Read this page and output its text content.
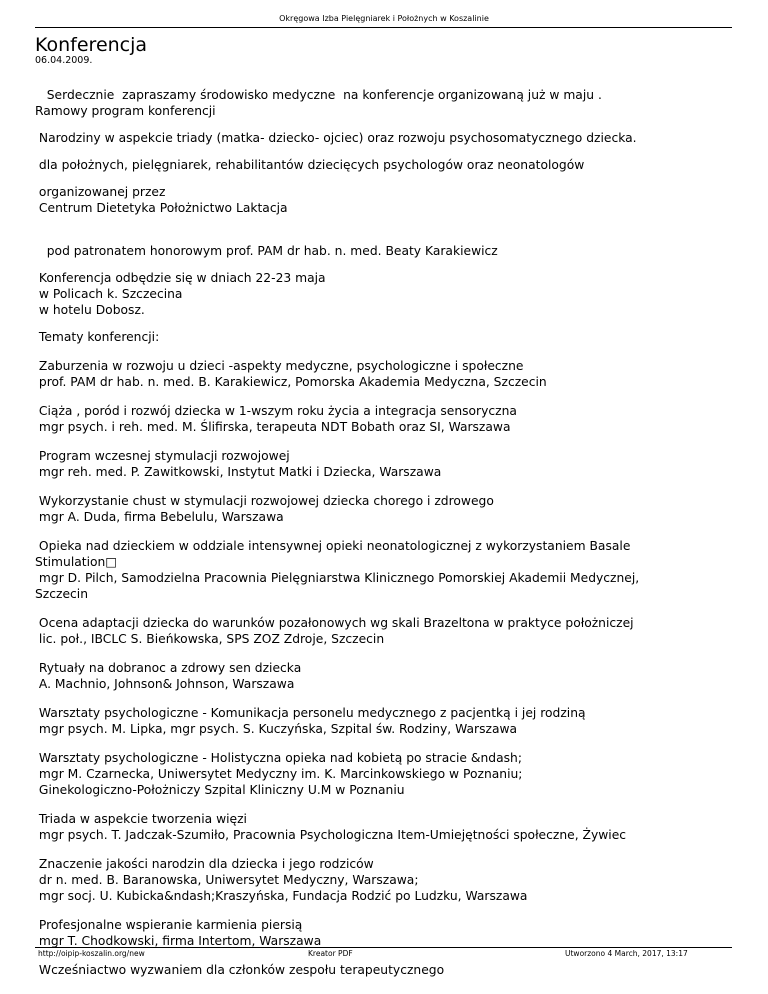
Okręgowa Izba Pielęgniarek i Położnych w Koszalinie
Konferencja
06.04.2009.

Serdecznie  zapraszamy środowisko medyczne  na konferencje organizowaną już w maju .
Ramowy program konferencji

Narodziny w aspekcie triady (matka- dziecko- ojciec) oraz rozwoju psychosomatycznego dziecka.

dla położnych, pielęgniarek, rehabilitantów dziecięcych psychologów oraz neonatologów

organizowanej przez
Centrum Dietetyka Położnictwo Laktacja

pod patronatem honorowym prof. PAM dr hab. n. med. Beaty Karakiewicz

Konferencja odbędzie się w dniach 22-23 maja
w Policach k. Szczecina
w hotelu Dobosz.

Tematy konferencji:

Zaburzenia w rozwoju u dzieci -aspekty medyczne, psychologiczne i społeczne
prof. PAM dr hab. n. med. B. Karakiewicz, Pomorska Akademia Medyczna, Szczecin

Ciąża , poród i rozwój dziecka w 1-wszym roku życia a integracja sensoryczna
mgr psych. i reh. med. M. Ślifirska, terapeuta NDT Bobath oraz SI, Warszawa

Program wczesnej stymulacji rozwojowej
mgr reh. med. P. Zawitkowski, Instytut Matki i Dziecka, Warszawa

Wykorzystanie chust w stymulacji rozwojowej dziecka chorego i zdrowego
mgr A. Duda, firma Bebelulu, Warszawa

Opieka nad dzieckiem w oddziale intensywnej opieki neonatologicznej z wykorzystaniem Basale
Stimulation□
mgr D. Pilch, Samodzielna Pracownia Pielęgniarstwa Klinicznego Pomorskiej Akademii Medycznej,
Szczecin

Ocena adaptacji dziecka do warunków pozałonowych wg skali Brazeltona w praktyce położniczej
lic. poł., IBCLC S. Bieńkowska, SPS ZOZ Zdroje, Szczecin

Rytuały na dobranoc a zdrowy sen dziecka
A. Machnio, Johnson& Johnson, Warszawa

Warsztaty psychologiczne - Komunikacja personelu medycznego z pacjentką i jej rodziną
mgr psych. M. Lipka, mgr psych. S. Kuczyńska, Szpital św. Rodziny, Warszawa

Warsztaty psychologiczne - Holistyczna opieka nad kobietą po stracie &ndash;
mgr M. Czarnecka, Uniwersytet Medyczny im. K. Marcinkowskiego w Poznaniu;
Ginekologiczno-Położniczy Szpital Kliniczny U.M w Poznaniu

Triada w aspekcie tworzenia więzi
mgr psych. T. Jadczak-Szumiło, Pracownia Psychologiczna Item-Umiejętności społeczne, Żywiec

Znaczenie jakości narodzin dla dziecka i jego rodziców
dr n. med. B. Baranowska, Uniwersytet Medyczny, Warszawa;
mgr socj. U. Kubicka&ndash;Kraszyńska, Fundacja Rodzić po Ludzku, Warszawa

Profesjonalne wspieranie karmienia piersią
mgr T. Chodkowski, firma Intertom, Warszawa

Wcześniactwo wyzwaniem dla członków zespołu terapeutycznego

http://oipip-koszalin.org/new	Kreator PDF	Utworzono 4 March, 2017, 13:17
